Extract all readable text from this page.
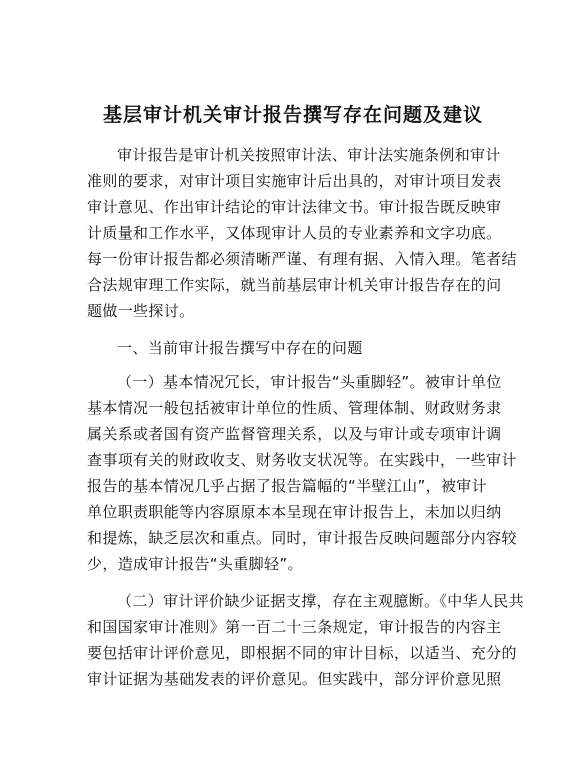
基层审计机关审计报告撰写存在问题及建议
审计报告是审计机关按照审计法、审计法实施条例和审计
准则的要求，对审计项目实施审计后出具的，对审计项目发表
审计意见、作出审计结论的审计法律文书。审计报告既反映审
计质量和工作水平，又体现审计人员的专业素养和文字功底。
每一份审计报告都必须清晰严谨、有理有据、入情入理。笔者结
合法规审理工作实际，就当前基层审计机关审计报告存在的问
题做一些探讨。
一、当前审计报告撰写中存在的问题
（一）基本情况冗长，审计报告“头重脚轻”。被审计单位
基本情况一般包括被审计单位的性质、管理体制、财政财务隶
属关系或者国有资产监督管理关系，以及与审计或专项审计调
查事项有关的财政收支、财务收支状况等。在实践中，一些审计
报告的基本情况几乎占据了报告篇幅的“半壁江山”，被审计
单位职责职能等内容原原本本呈现在审计报告上，未加以归纳
和提炼，缺乏层次和重点。同时，审计报告反映问题部分内容较
少，造成审计报告“头重脚轻”。
（二）审计评价缺少证据支撑，存在主观臆断。《中华人民共
和国国家审计准则》第一百二十三条规定，审计报告的内容主
要包括审计评价意见，即根据不同的审计目标，以适当、充分的
审计证据为基础发表的评价意见。但实践中，部分评价意见照
